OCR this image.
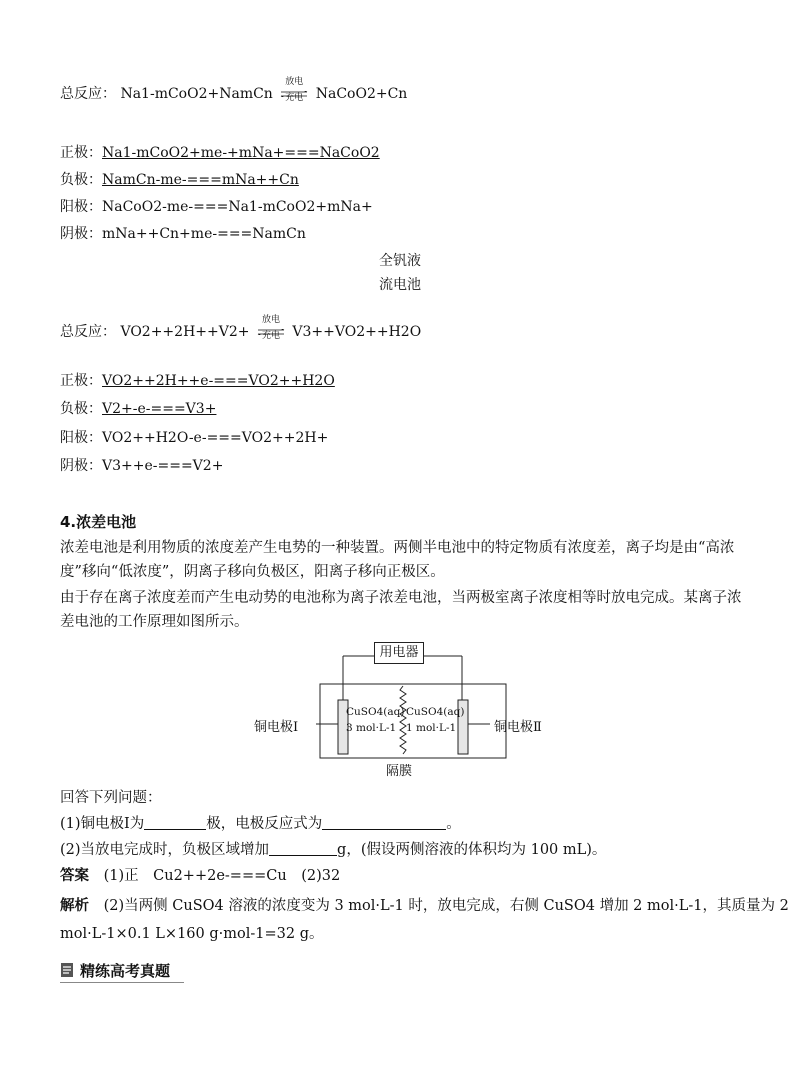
总反应： Na1-mCoO2+NamCn
放电
充电 NaCoO2+Cn
正极：Na1-mCoO2+me-+mNa+===NaCoO2
负极：NamCn-me-===mNa++Cn
阳极：NaCoO2-me-===Na1-mCoO2+mNa+
阴极：mNa++Cn+me-===NamCn
全钒液
流电池
总反应： VO2++2H++V2+
放电
充电 V3++VO2++H2O
正极：VO2++2H++e-===VO2++H2O
负极：V2+-e-===V3+
阳极：VO2++H2O-e-===VO2++2H+
阴极：V3++e-===V2+
4.浓差电池
浓差电池是利用物质的浓度差产生电势的一种装置。两侧半电池中的特定物质有浓度差，离子均是由“高浓度”移向“低浓度”，阴离子移向负极区，阳离子移向正极区。
由于存在离子浓度差而产生电动势的电池称为离子浓差电池，当两极室离子浓度相等时放电完成。某离子浓差电池的工作原理如图所示。
用电器
铜电极Ⅰ	铜电极Ⅱ
CuSO4(aq)
3 mol·L-1
CuSO4(aq)
1 mol·L-1
隔膜
回答下列问题：
(1)铜电极Ⅰ为	极，电极反应式为	。
(2)当放电完成时，负极区域增加	g，(假设两侧溶液的体积均为 100 mL)。
答案 (1)正　Cu2++2e-===Cu　(2)32
解析 (2)当两侧 CuSO4 溶液的浓度变为 3 mol·L-1 时，放电完成，右侧 CuSO4 增加 2 mol·L-1，其质量为 2
mol·L-1×0.1 L×160 g·mol-1=32 g。
精练高考真题
